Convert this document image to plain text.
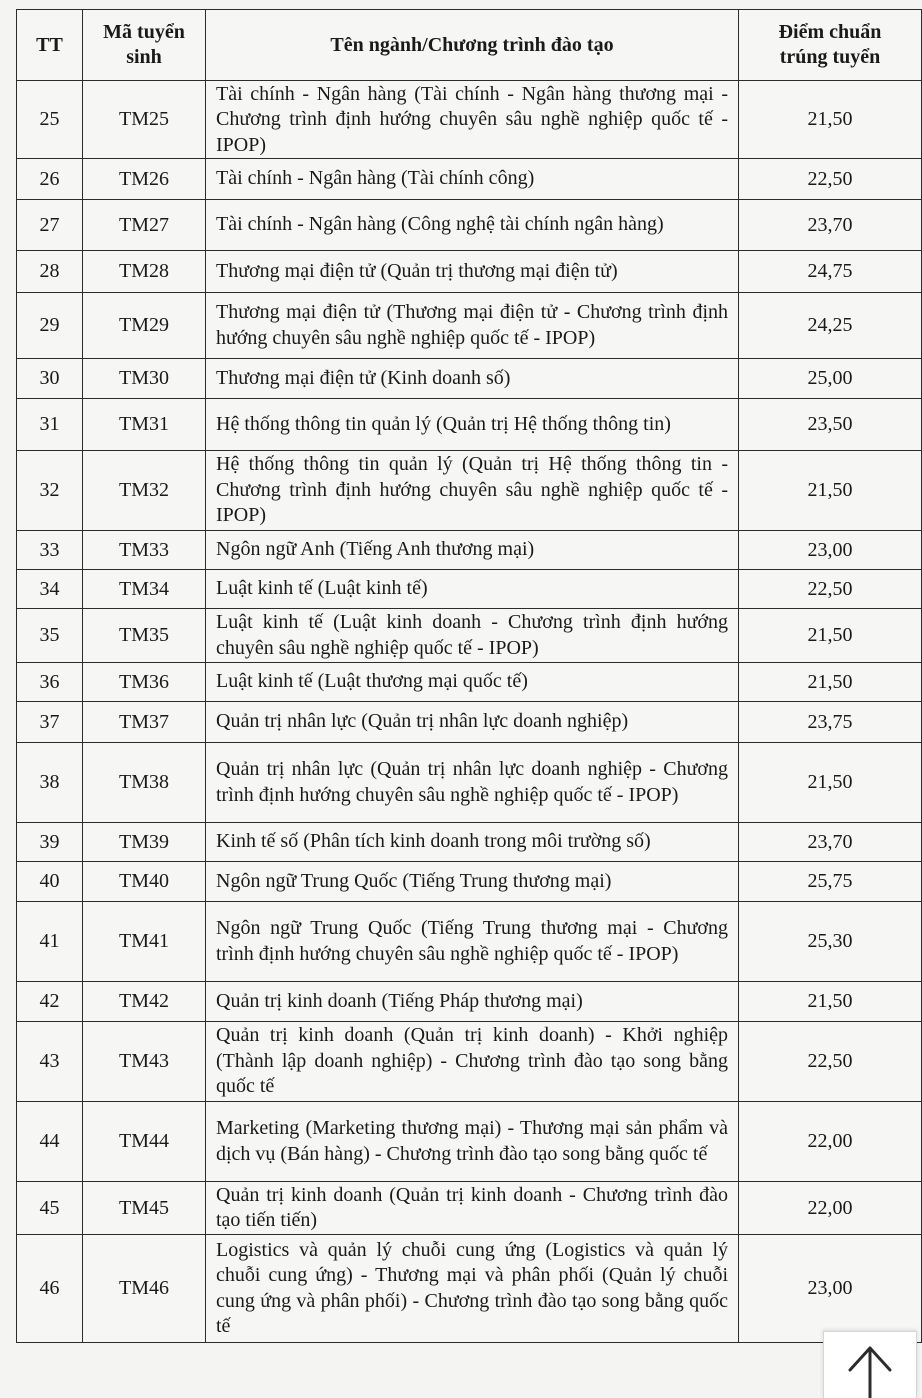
TT	Mã tuyển sinh	Tên ngành/Chương trình đào tạo	Điểm chuẩn trúng tuyển
25	TM25	Tài chính - Ngân hàng (Tài chính - Ngân hàng thương mại - Chương trình định hướng chuyên sâu nghề nghiệp quốc tế - IPOP)	21,50
26	TM26	Tài chính - Ngân hàng (Tài chính công)	22,50
27	TM27	Tài chính - Ngân hàng (Công nghệ tài chính ngân hàng)	23,70
28	TM28	Thương mại điện tử (Quản trị thương mại điện tử)	24,75
29	TM29	Thương mại điện tử (Thương mại điện tử - Chương trình định hướng chuyên sâu nghề nghiệp quốc tế - IPOP)	24,25
30	TM30	Thương mại điện tử (Kinh doanh số)	25,00
31	TM31	Hệ thống thông tin quản lý (Quản trị Hệ thống thông tin)	23,50
32	TM32	Hệ thống thông tin quản lý (Quản trị Hệ thống thông tin - Chương trình định hướng chuyên sâu nghề nghiệp quốc tế - IPOP)	21,50
33	TM33	Ngôn ngữ Anh (Tiếng Anh thương mại)	23,00
34	TM34	Luật kinh tế (Luật kinh tế)	22,50
35	TM35	Luật kinh tế (Luật kinh doanh - Chương trình định hướng chuyên sâu nghề nghiệp quốc tế - IPOP)	21,50
36	TM36	Luật kinh tế (Luật thương mại quốc tế)	21,50
37	TM37	Quản trị nhân lực (Quản trị nhân lực doanh nghiệp)	23,75
38	TM38	Quản trị nhân lực (Quản trị nhân lực doanh nghiệp - Chương trình định hướng chuyên sâu nghề nghiệp quốc tế - IPOP)	21,50
39	TM39	Kinh tế số (Phân tích kinh doanh trong môi trường số)	23,70
40	TM40	Ngôn ngữ Trung Quốc (Tiếng Trung thương mại)	25,75
41	TM41	Ngôn ngữ Trung Quốc (Tiếng Trung thương mại - Chương trình định hướng chuyên sâu nghề nghiệp quốc tế - IPOP)	25,30
42	TM42	Quản trị kinh doanh (Tiếng Pháp thương mại)	21,50
43	TM43	Quản trị kinh doanh (Quản trị kinh doanh) - Khởi nghiệp (Thành lập doanh nghiệp) - Chương trình đào tạo song bằng quốc tế	22,50
44	TM44	Marketing (Marketing thương mại) - Thương mại sản phẩm và dịch vụ (Bán hàng) - Chương trình đào tạo song bằng quốc tế	22,00
45	TM45	Quản trị kinh doanh (Quản trị kinh doanh - Chương trình đào tạo tiến tiến)	22,00
46	TM46	Logistics và quản lý chuỗi cung ứng (Logistics và quản lý chuỗi cung ứng) - Thương mại và phân phối (Quản lý chuỗi cung ứng và phân phối) - Chương trình đào tạo song bằng quốc tế	23,00
